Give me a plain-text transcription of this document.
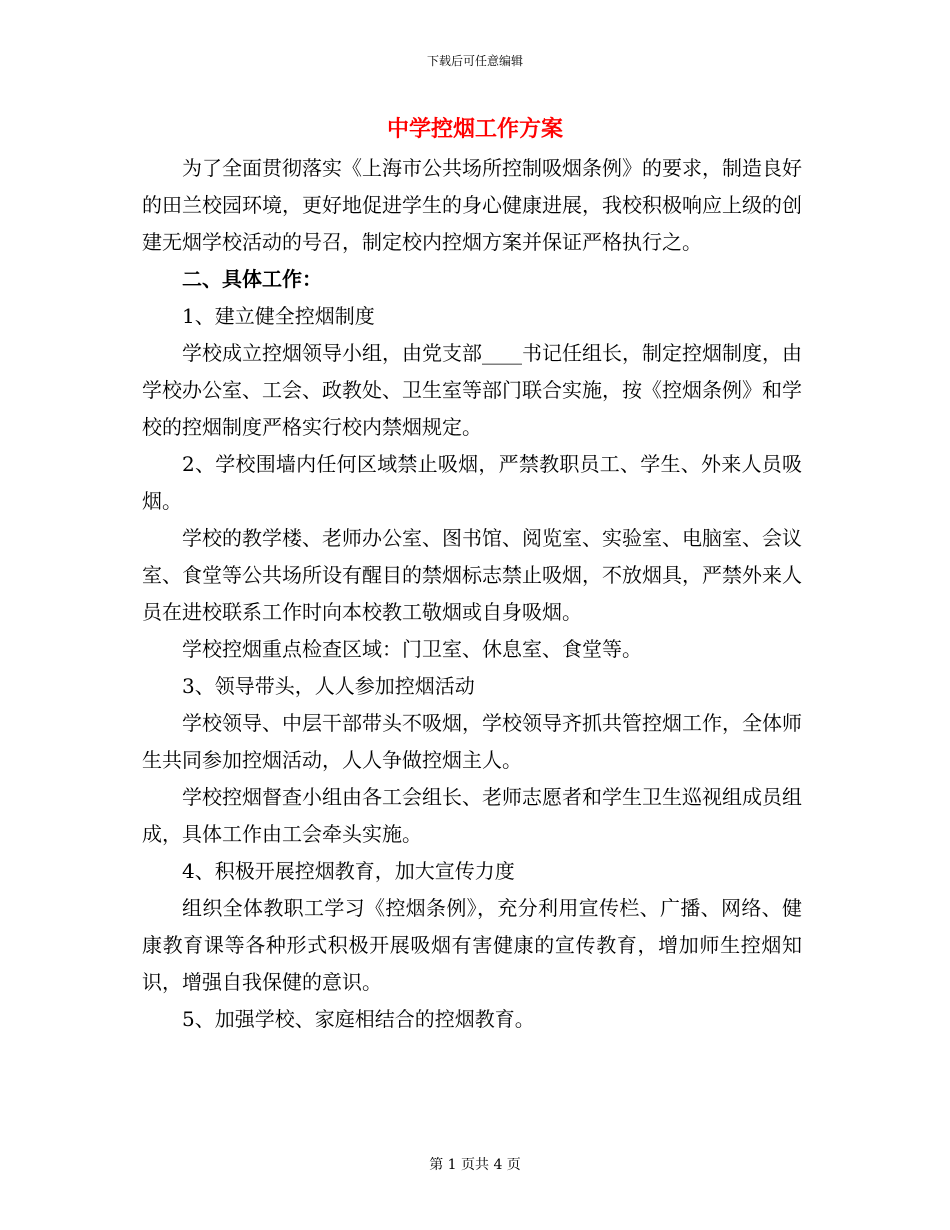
下载后可任意编辑
中学控烟工作方案

为了全面贯彻落实《上海市公共场所控制吸烟条例》的要求，制造良好的田兰校园环境，更好地促进学生的身心健康进展，我校积极响应上级的创建无烟学校活动的号召，制定校内控烟方案并保证严格执行之。

二、具体工作：

1、建立健全控烟制度

学校成立控烟领导小组，由党支部____书记任组长，制定控烟制度，由学校办公室、工会、政教处、卫生室等部门联合实施，按《控烟条例》和学校的控烟制度严格实行校内禁烟规定。

2、学校围墙内任何区域禁止吸烟，严禁教职员工、学生、外来人员吸烟。

学校的教学楼、老师办公室、图书馆、阅览室、实验室、电脑室、会议室、食堂等公共场所设有醒目的禁烟标志禁止吸烟，不放烟具，严禁外来人员在进校联系工作时向本校教工敬烟或自身吸烟。

学校控烟重点检查区域：门卫室、休息室、食堂等。

3、领导带头，人人参加控烟活动

学校领导、中层干部带头不吸烟，学校领导齐抓共管控烟工作，全体师生共同参加控烟活动，人人争做控烟主人。

学校控烟督查小组由各工会组长、老师志愿者和学生卫生巡视组成员组成，具体工作由工会牵头实施。

4、积极开展控烟教育，加大宣传力度

组织全体教职工学习《控烟条例》，充分利用宣传栏、广播、网络、健康教育课等各种形式积极开展吸烟有害健康的宣传教育，增加师生控烟知识，增强自我保健的意识。

5、加强学校、家庭相结合的控烟教育。

第 1 页共 4 页
